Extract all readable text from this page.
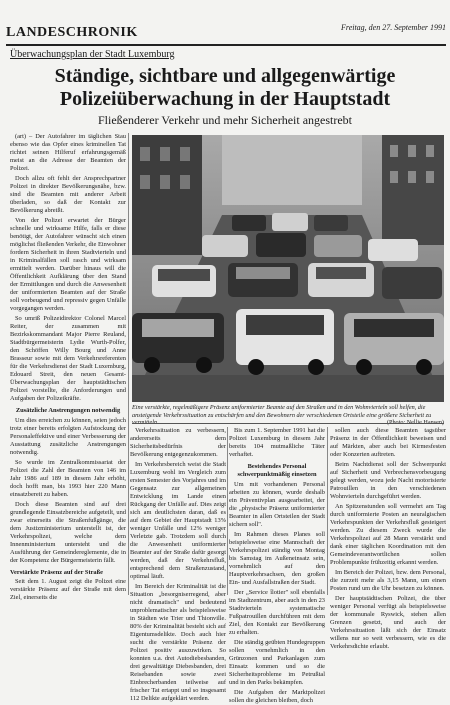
LANDESCHRONIK	Freitag, den 27. September 1991
Überwachungsplan der Stadt Luxemburg
Ständige, sichtbare und allgegenwärtige
Polizeiüberwachung in der Hauptstadt
Fließenderer Verkehr und mehr Sicherheit angestrebt

(art) – Der Autofahrer im täglichen Stau ebenso wie das Opfer eines kriminellen Tat richtet seinen Hilferuf erfahrungsgemäß meist an die Adresse der Beamten der Polizei.

Doch allzu oft fehlt der Ansprechpartner Polizei in direkter Bevölkerungsnähe, bzw. sind die Beamten mit anderer Arbeit überladen, so daß der Kontakt zur Bevölkerung abreißt.

Von der Polizei erwartet der Bürger schnelle und wirksame Hilfe, falls er diese benötigt, der Autofahrer wünscht sich einen möglichst fließenden Verkehr, die Einwohner fordern Sicherheit in ihren Stadtvierteln und in Kriminalfällen soll rasch und wirksam ermittelt werden. Darüber hinaus will die Öffentlichkeit Aufklärung über den Stand der Ermittlungen und durch die Anwesenheit der uniformierten Beamten auf der Straße soll vorbeugend und repressiv gegen Unfälle vorgegangen werden.

So umriß Polizeidirektor Colonel Marcel Reiter, der zusammen mit Bezirkskommandant Major Pierre Reuland, Stadtbürgermeisterin Lydie Wurth-Polfer, den Schöffen Willy Bourg und Anne Brasseur sowie mit dem Verkehrsreferenten für die Verkehrsdienst der Stadt Luxemburg, Edouard Streit, den neuen Gesamt-Überwachungsplan der hauptstädtischen Polizei vorstellte, die Anforderungen und Aufgaben der Polizeikräfte.

Zusätzliche Anstrengungen notwendig

Um dies erreichen zu können, seien jedoch trotz einer bereits erfolgten Aufstockung der Personaleffektive und einer Verbesserung der Ausstattung zusätzliche Anstrengungen notwendig.

So wurde im Zentralkommissariat der Polizei die Zahl der Beamten von 146 im Jahr 1986 auf 189 in diesem Jahr erhöht, doch hofft man, bis 1993 hier 220 Mann einsatzbereit zu haben.

Doch diese Beamten sind auf drei grundlegende Einsatzbereiche aufgeteilt, und zwar einerseits die Straßenfußgänge, die dem Justizministerium unterstellt ist, der Verkehrspolizei, welche dem Innenministerium untersteht und die Ausführung der Gemeindereglemente, die in der Kompetenz der Bürgermeisterin fällt.

Verstärkte Präsenz auf der Straße

Seit dem 1. August zeigt die Polizei eine verstärkte Präsenz auf der Straße mit dem Ziel, einerseits die

Eine verstärkte, regelmäßigere Präsenz uniformierter Beamte auf den Straßen und in den Wohnvierteln soll helfen, die ansteigende Verkehrssituation zu entschärfen und den Bewohnern der verschiedenen Ortsteile eine größere Sicherheit zu

Verkehrssituation zu verbessern, andererseits dem Sicherheitsbedürfnis der Bevölkerung entgegenzukommen.

Im Verkehrsbereich weist die Stadt Luxemburg wohl im Vergleich zum ersten Semester des Vorjahres und im Gegensatz zur allgemeinen Entwicklung im Lande einen Rückgang der Unfälle auf. Dies zeigt sich am deutlichsten daran, daß es auf dem Gebiet der Hauptstadt 13% weniger Unfälle und 12% weniger Verletzte gab. Trotzdem soll durch die Anwesenheit uniformierter Beamter auf der Straße dafür gesorgt werden, daß der Verkehrsfluß, entsprechend dem Straßenzustand, optimal läuft.

Im Bereich der Kriminalität ist die Situation „besorgniserregend, aber nicht dramatisch" und bedeutend unproblematischer als beispielsweise in Städten wie Trier und Thionville. 80% der Kriminalität besteht sich auf Eigentumsdelikte. Doch auch hier sucht die verstärkte Präsenz der Polizei positiv auszuwirken. So konnten u.a. drei Autodiebesbanden, drei gewalttätige Diebesbanden, drei Reisebanden sowie zwei Einbrecherbanden teilweise auf frischer Tat ertappt und so insgesamt 112 Delikte aufgeklärt werden.

Bis zum 1. September 1991 hat die Polizei Luxemburg in diesem Jahr bereits 104 mutmaßliche Täter verhaftet.

Bestehendes Personal schwerpunktmäßig einsetzen

Um mit vorhandenen Personal arbeiten zu können, wurde deshalb ein Präventivplan ausgearbeitet, der die „physische Präsenz uniformierter Beamter in allen Ortsteilen der Stadt sichern soll".

Im Rahmen dieses Planes soll beispielsweise eine Mannschaft der Verkehrspolizei ständig von Montag bis Samstag im Außeneinsatz sein, vornehmlich auf den Hauptverkehrsachsen, den großen Ein- und Ausfallstraßen der Stadt.

Der „Service îlotier" soll ebenfalls im Stadtzentrum, aber auch in den 23 Stadtvierteln systematische Fußpatrouillen durchführen mit dem Ziel, den Kontakt zur Bevölkerung zu erhalten.

Die ständig geübten Hundegruppen sollen vornehmlich in den Grünzonen und Parkanlagen zum Einsatz kommen und so die Sicherheitsprobleme im Petrußtal und in den Parks bekämpfen.

Die Aufgaben der Marktpolizei sollen die gleichen bleiben, doch

sollen auch diese Beamten tagsüber Präsenz in der Öffentlichkeit beweisen und auf Märkten, aber auch bei Kirmesfesten oder Konzerten auftreten.

Beim Nachtdienst soll der Schwerpunkt auf Sicherheit und Verbrechensvorbeugung gelegt werden, wozu jede Nacht motorisierte Patrouillen in den verschiedenen Wohnvierteln durchgeführt werden.

An Spitzenstunden soll vermehrt am Tag durch uniformierte Posten an neuralgischen Verkehrspunkten der Verkehrsfluß gesteigert werden. Zu diesem Zweck wurde die Verkehrspolizei auf 28 Mann verstärkt und dank einer täglichen Koordination mit den Gemeindeverantwortlichen sollen Problempunkte frühzeitig erkannt werden.

Im Bereich der Polizei, bzw. dem Personal, die zurzeit mehr als 3,15 Mann, um einen Posten rund um die Uhr besetzen zu können.

Der hauptstädtischen Polizei, die über weniger Personal verfügt als beispielsweise der kommunale Ryswick, stehen allen Grenzen gesetzt, und auch der Verkehrssituation läßt sich der Einsatz willens nur so weit verbessern, wie es die Verkehrsdichte erlaubt.
